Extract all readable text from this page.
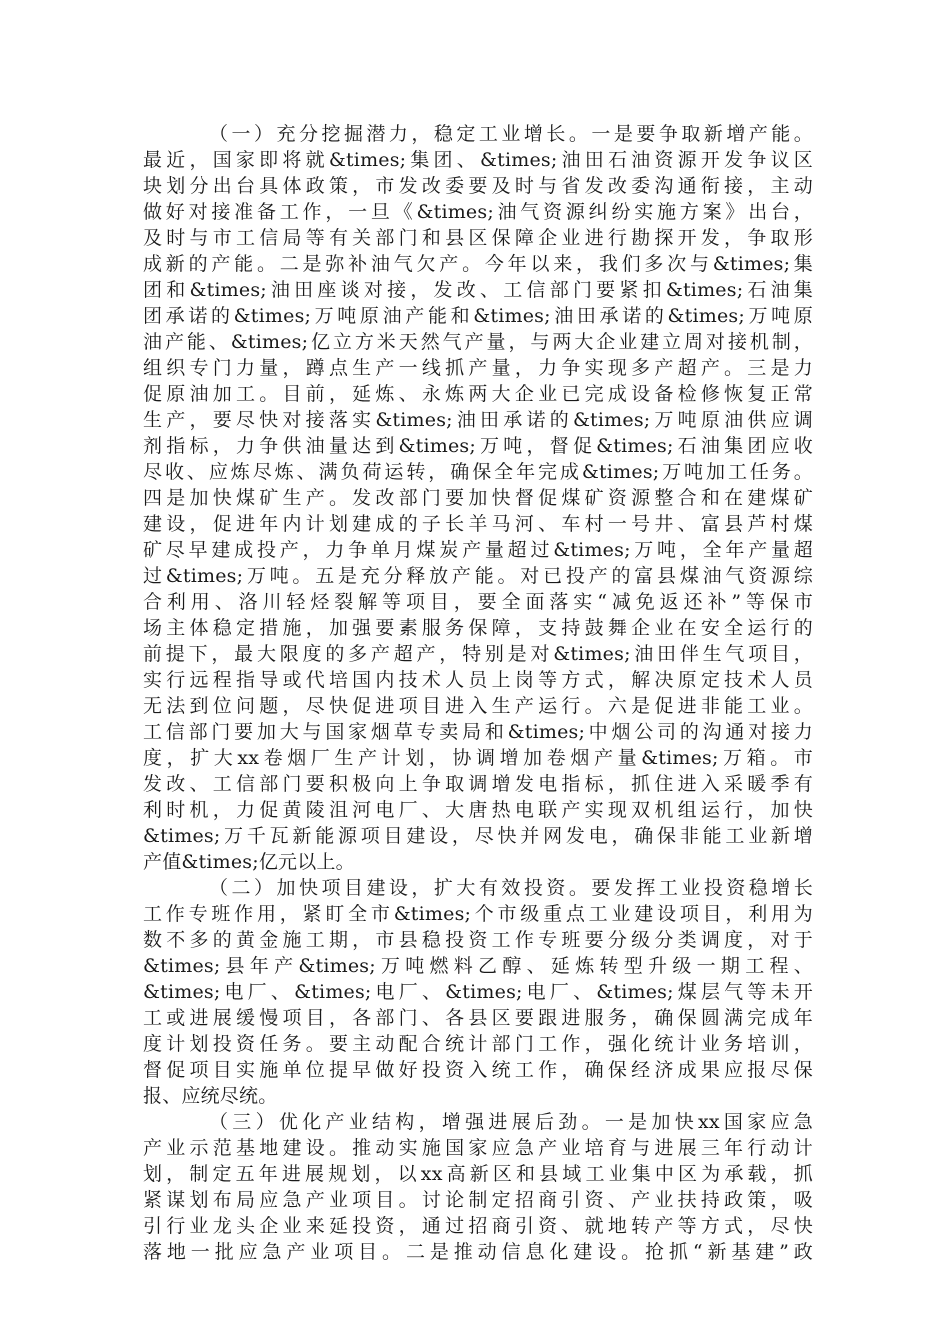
（一）充分挖掘潜力，稳定工业增长。一是要争取新增产能。
最近，国家即将就&times;集团、&times;油田石油资源开发争议区
块划分出台具体政策，市发改委要及时与省发改委沟通衔接，主动
做好对接准备工作，一旦《&times;油气资源纠纷实施方案》出台，
及时与市工信局等有关部门和县区保障企业进行勘探开发，争取形
成新的产能。二是弥补油气欠产。今年以来，我们多次与&times;集
团和&times;油田座谈对接，发改、工信部门要紧扣&times;石油集
团承诺的&times;万吨原油产能和&times;油田承诺的&times;万吨原
油产能、&times;亿立方米天然气产量，与两大企业建立周对接机制，
组织专门力量，蹲点生产一线抓产量，力争实现多产超产。三是力
促原油加工。目前，延炼、永炼两大企业已完成设备检修恢复正常
生产，要尽快对接落实&times;油田承诺的&times;万吨原油供应调
剂指标，力争供油量达到&times;万吨，督促&times;石油集团应收
尽收、应炼尽炼、满负荷运转，确保全年完成&times;万吨加工任务。
四是加快煤矿生产。发改部门要加快督促煤矿资源整合和在建煤矿
建设，促进年内计划建成的子长羊马河、车村一号井、富县芦村煤
矿尽早建成投产，力争单月煤炭产量超过&times;万吨，全年产量超
过&times;万吨。五是充分释放产能。对已投产的富县煤油气资源综
合利用、洛川轻烃裂解等项目，要全面落实“减免返还补”等保市
场主体稳定措施，加强要素服务保障，支持鼓舞企业在安全运行的
前提下，最大限度的多产超产，特别是对&times;油田伴生气项目，
实行远程指导或代培国内技术人员上岗等方式，解决原定技术人员
无法到位问题，尽快促进项目进入生产运行。六是促进非能工业。
工信部门要加大与国家烟草专卖局和&times;中烟公司的沟通对接力
度，扩大xx卷烟厂生产计划，协调增加卷烟产量&times;万箱。市
发改、工信部门要积极向上争取调增发电指标，抓住进入采暖季有
利时机，力促黄陵沮河电厂、大唐热电联产实现双机组运行，加快
&times;万千瓦新能源项目建设，尽快并网发电，确保非能工业新增
产值&times;亿元以上。
（二）加快项目建设，扩大有效投资。要发挥工业投资稳增长
工作专班作用，紧盯全市&times;个市级重点工业建设项目，利用为
数不多的黄金施工期，市县稳投资工作专班要分级分类调度，对于
&times;县年产&times;万吨燃料乙醇、延炼转型升级一期工程、
&times;电厂、&times;电厂、&times;电厂、&times;煤层气等未开
工或进展缓慢项目，各部门、各县区要跟进服务，确保圆满完成年
度计划投资任务。要主动配合统计部门工作，强化统计业务培训，
督促项目实施单位提早做好投资入统工作，确保经济成果应报尽保
报、应统尽统。
（三）优化产业结构，增强进展后劲。一是加快xx国家应急
产业示范基地建设。推动实施国家应急产业培育与进展三年行动计
划，制定五年进展规划，以xx高新区和县域工业集中区为承载，抓
紧谋划布局应急产业项目。讨论制定招商引资、产业扶持政策，吸
引行业龙头企业来延投资，通过招商引资、就地转产等方式，尽快
落地一批应急产业项目。二是推动信息化建设。抢抓“新基建”政
